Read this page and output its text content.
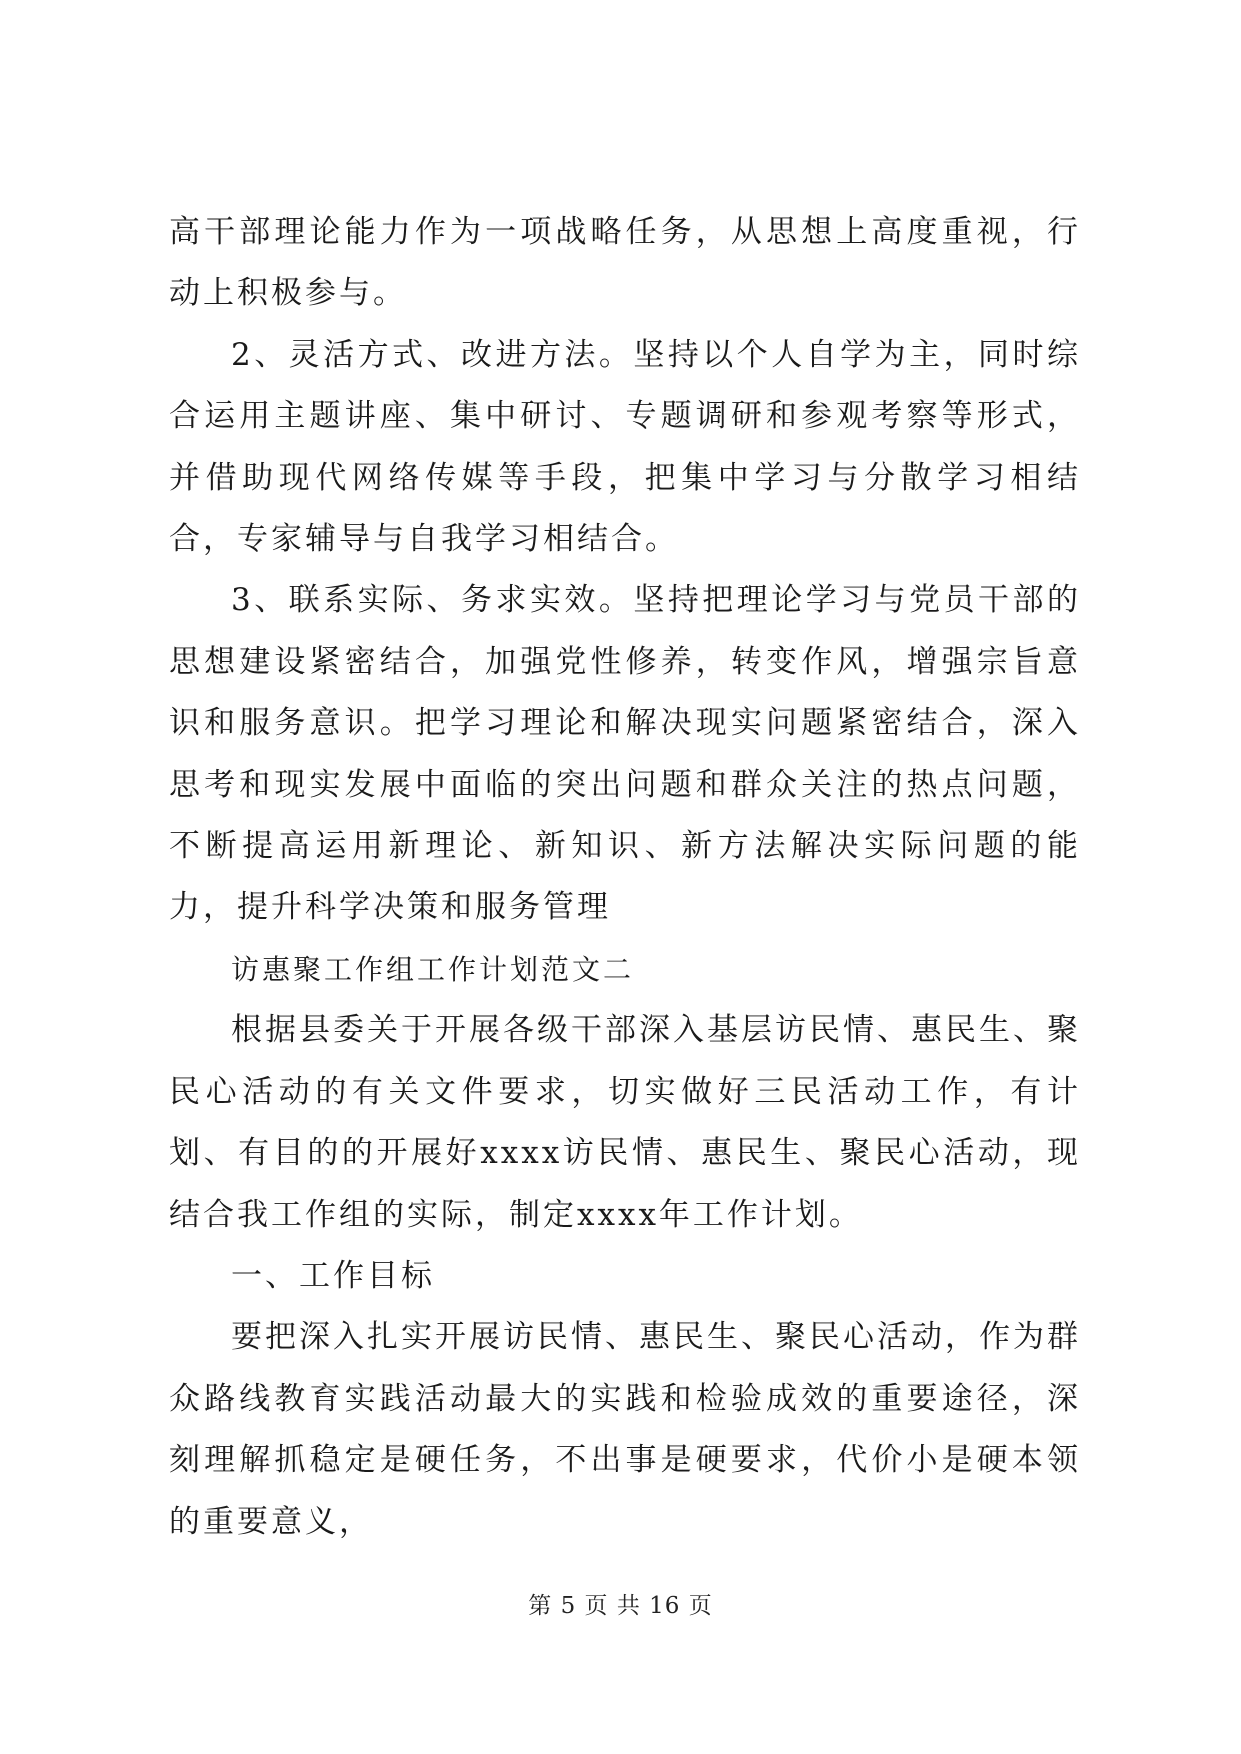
高干部理论能力作为一项战略任务，从思想上高度重视，行动上积极参与。

2、灵活方式、改进方法。坚持以个人自学为主，同时综合运用主题讲座、集中研讨、专题调研和参观考察等形式，并借助现代网络传媒等手段，把集中学习与分散学习相结合，专家辅导与自我学习相结合。

3、联系实际、务求实效。坚持把理论学习与党员干部的思想建设紧密结合，加强党性修养，转变作风，增强宗旨意识和服务意识。把学习理论和解决现实问题紧密结合，深入思考和现实发展中面临的突出问题和群众关注的热点问题，不断提高运用新理论、新知识、新方法解决实际问题的能力，提升科学决策和服务管理

访惠聚工作组工作计划范文二

根据县委关于开展各级干部深入基层访民情、惠民生、聚民心活动的有关文件要求，切实做好三民活动工作，有计划、有目的的开展好xxxx访民情、惠民生、聚民心活动，现结合我工作组的实际，制定xxxx年工作计划。

一、工作目标

要把深入扎实开展访民情、惠民生、聚民心活动，作为群众路线教育实践活动最大的实践和检验成效的重要途径，深刻理解抓稳定是硬任务，不出事是硬要求，代价小是硬本领的重要意义，

第 5 页 共 16 页
